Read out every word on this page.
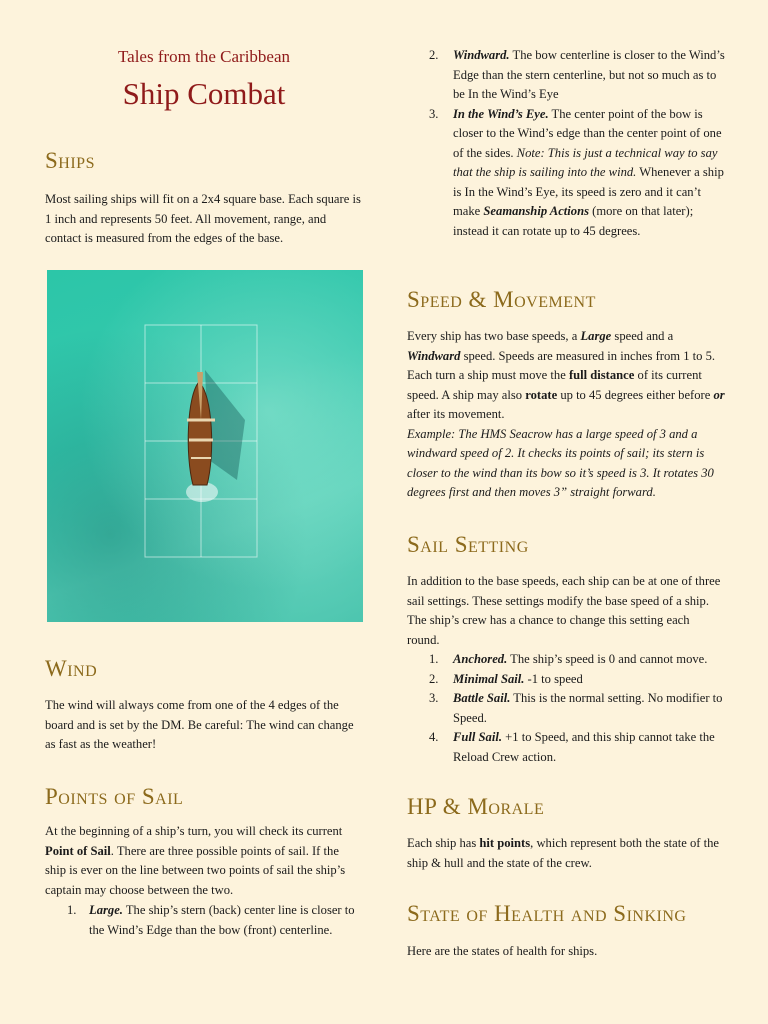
Tales from the Caribbean
Ship Combat
Ships

Most sailing ships will fit on a 2x4 square base. Each square is 1 inch and represents 50 feet. All movement, range, and contact is measured from the edges of the base.

Wind

The wind will always come from one of the 4 edges of the board and is set by the DM. Be careful: The wind can change as fast as the weather!

Points of Sail

At the beginning of a ship’s turn, you will check its current Point of Sail. There are three possible points of sail. If the ship is ever on the line between two points of sail the ship’s captain may choose between the two.

1. Large. The ship’s stern (back) center line is closer to the Wind’s Edge than the bow (front) centerline.
2. Windward. The bow centerline is closer to the Wind’s Edge than the stern centerline, but not so much as to be In the Wind’s Eye
3. In the Wind’s Eye. The center point of the bow is closer to the Wind’s edge than the center point of one of the sides. Note: This is just a technical way to say that the ship is sailing into the wind. Whenever a ship is In the Wind’s Eye, its speed is zero and it can’t make Seamanship Actions (more on that later); instead it can rotate up to 45 degrees.
Speed & Movement

Every ship has two base speeds, a Large speed and a Windward speed. Speeds are measured in inches from 1 to 5. Each turn a ship must move the full distance of its current speed. A ship may also rotate up to 45 degrees either before or after its movement.
Example: The HMS Seacrow has a large speed of 3 and a windward speed of 2. It checks its points of sail; its stern is closer to the wind than its bow so it’s speed is 3. It rotates 30 degrees first and then moves 3” straight forward.

Sail Setting

In addition to the base speeds, each ship can be at one of three sail settings. These settings modify the base speed of a ship. The ship’s crew has a chance to change this setting each round.

1. Anchored. The ship’s speed is 0 and cannot move.
2. Minimal Sail. -1 to speed
3. Battle Sail. This is the normal setting. No modifier to Speed.
4. Full Sail. +1 to Speed, and this ship cannot take the Reload Crew action.
HP & Morale

Each ship has hit points, which represent both the state of the ship & hull and the state of the crew.

State of Health and Sinking

Here are the states of health for ships.
